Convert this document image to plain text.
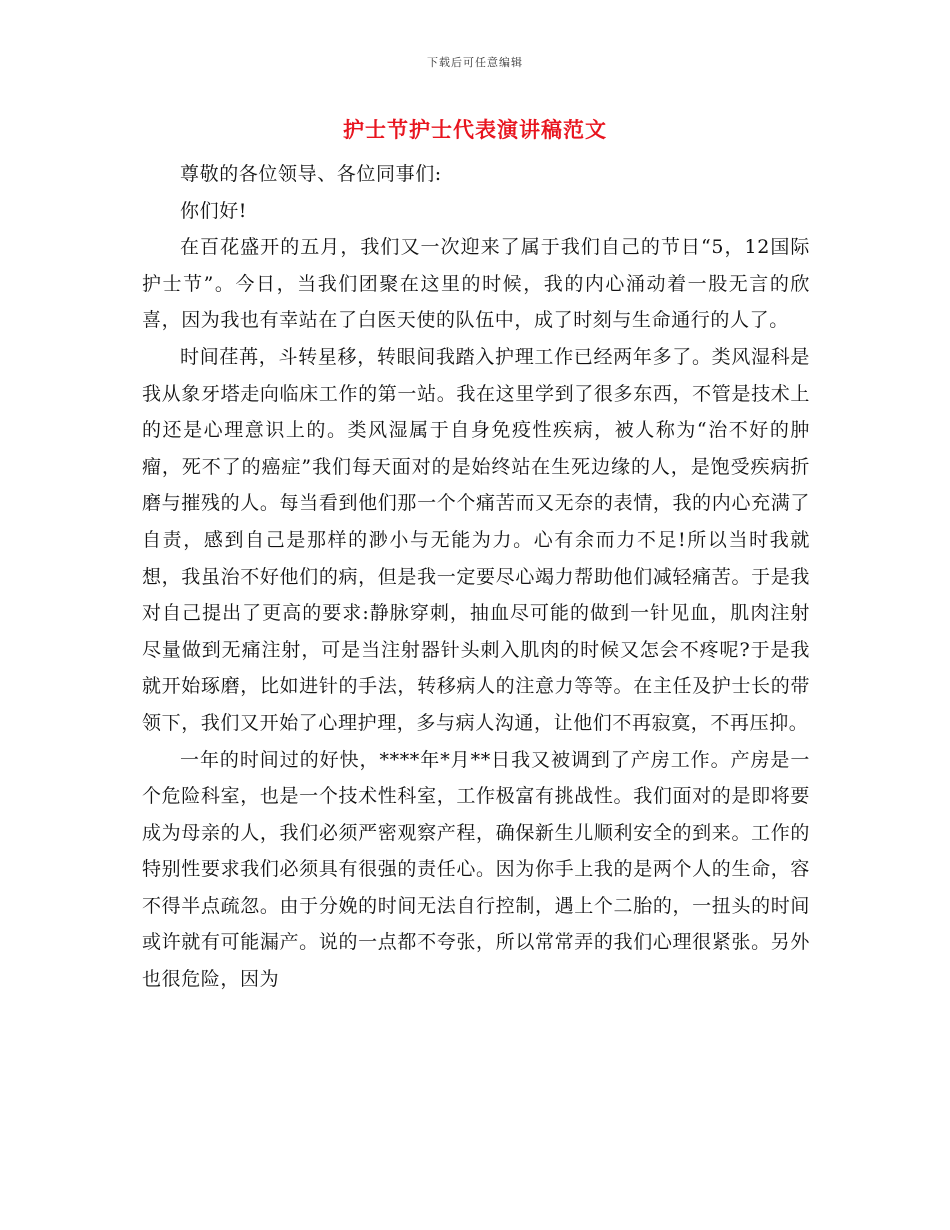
下载后可任意编辑
护士节护士代表演讲稿范文

尊敬的各位领导、各位同事们:

你们好!

在百花盛开的五月，我们又一次迎来了属于我们自己的节日“5，12国际护士节”。今日，当我们团聚在这里的时候，我的内心涌动着一股无言的欣喜，因为我也有幸站在了白医天使的队伍中，成了时刻与生命通行的人了。

时间荏苒，斗转星移，转眼间我踏入护理工作已经两年多了。类风湿科是我从象牙塔走向临床工作的第一站。我在这里学到了很多东西，不管是技术上的还是心理意识上的。类风湿属于自身免疫性疾病，被人称为“治不好的肿瘤，死不了的癌症”我们每天面对的是始终站在生死边缘的人，是饱受疾病折磨与摧残的人。每当看到他们那一个个痛苦而又无奈的表情，我的内心充满了自责，感到自己是那样的渺小与无能为力。心有余而力不足!所以当时我就想，我虽治不好他们的病，但是我一定要尽心竭力帮助他们减轻痛苦。于是我对自己提出了更高的要求:静脉穿刺，抽血尽可能的做到一针见血，肌肉注射尽量做到无痛注射，可是当注射器针头刺入肌肉的时候又怎会不疼呢?于是我就开始琢磨，比如进针的手法，转移病人的注意力等等。在主任及护士长的带领下，我们又开始了心理护理，多与病人沟通，让他们不再寂寞，不再压抑。

一年的时间过的好快，****年*月**日我又被调到了产房工作。产房是一个危险科室，也是一个技术性科室，工作极富有挑战性。我们面对的是即将要成为母亲的人，我们必须严密观察产程，确保新生儿顺利安全的到来。工作的特别性要求我们必须具有很强的责任心。因为你手上我的是两个人的生命，容不得半点疏忽。由于分娩的时间无法自行控制，遇上个二胎的，一扭头的时间或许就有可能漏产。说的一点都不夸张，所以常常弄的我们心理很紧张。另外也很危险，因为
